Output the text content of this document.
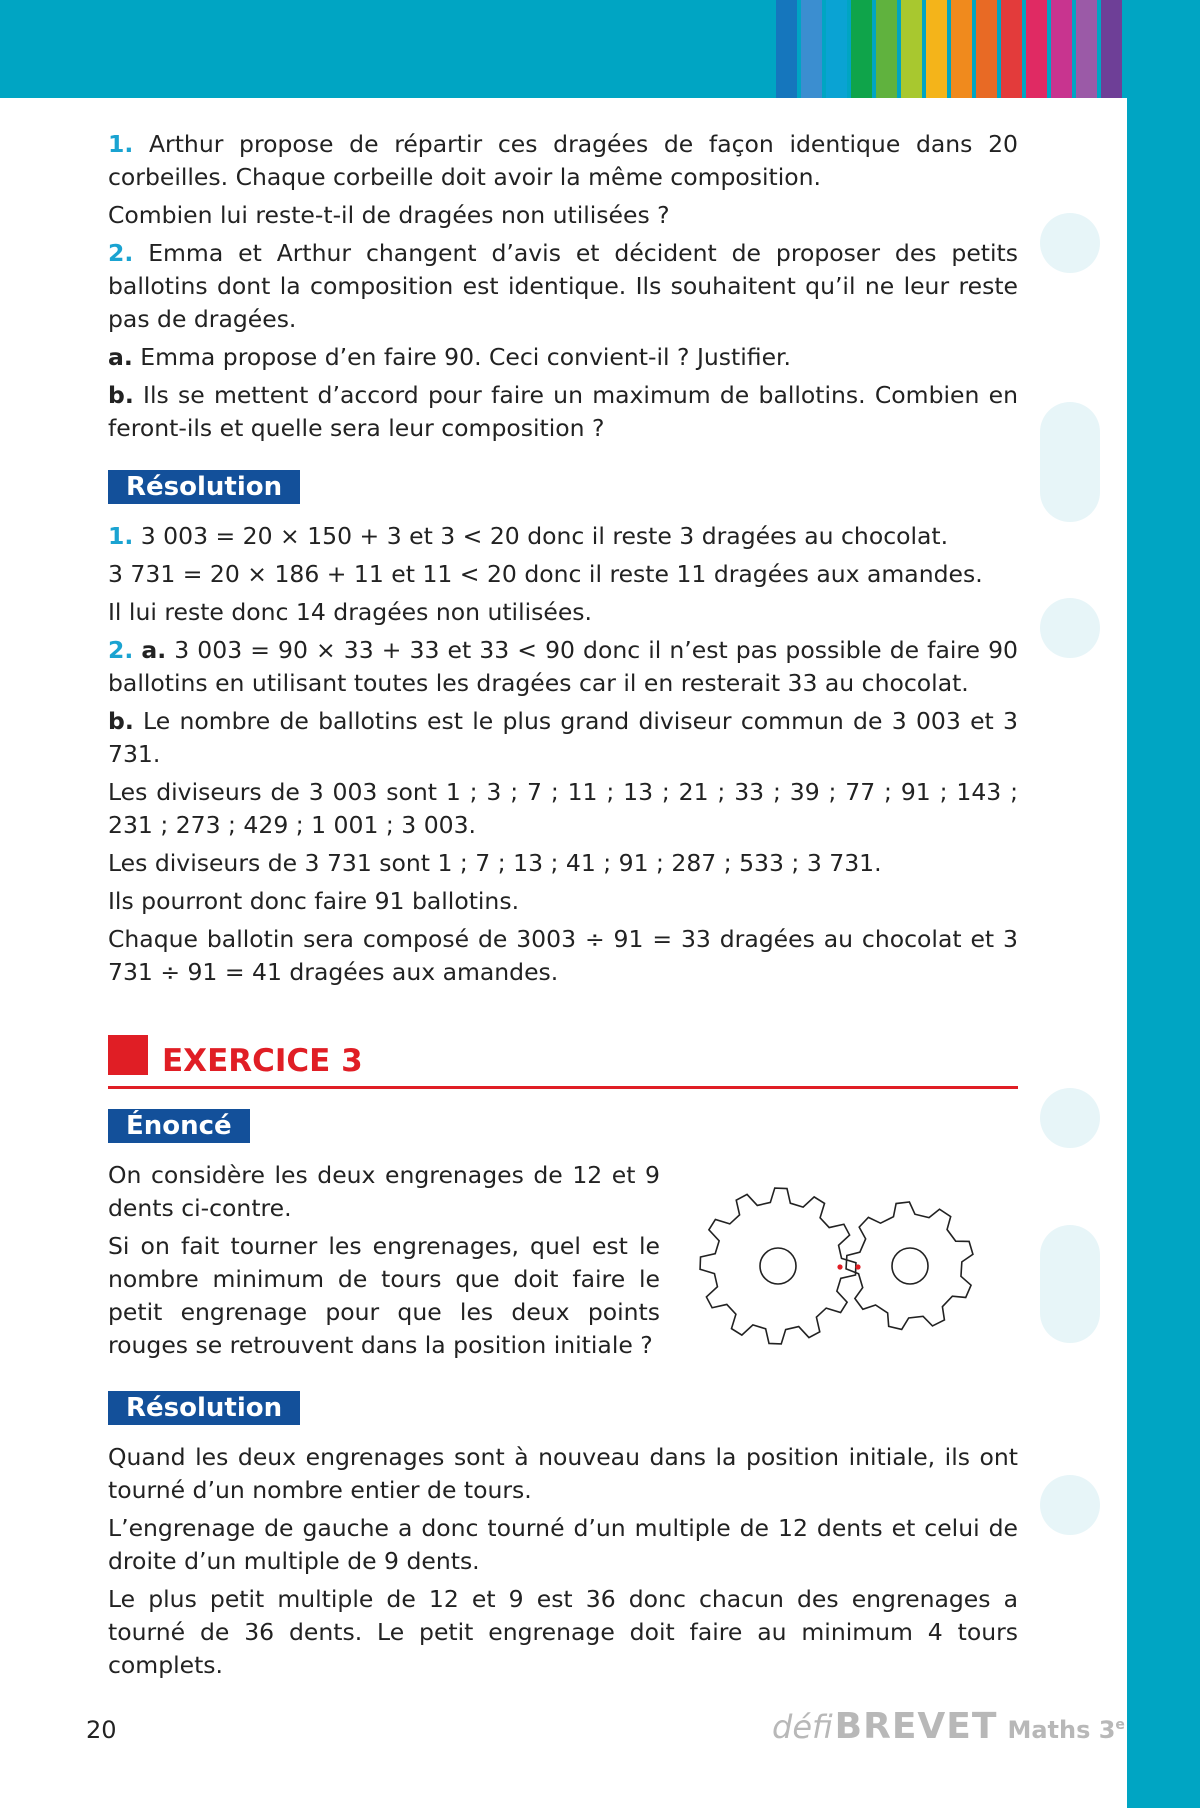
1. Arthur propose de répartir ces dragées de façon identique dans 20 corbeilles. Chaque corbeille doit avoir la même composition.

Combien lui reste-t-il de dragées non utilisées ?

2. Emma et Arthur changent d’avis et décident de proposer des petits ballotins dont la composition est identique. Ils souhaitent qu’il ne leur reste pas de dragées.

a. Emma propose d’en faire 90. Ceci convient-il ? Justifier.

b. Ils se mettent d’accord pour faire un maximum de ballotins. Combien en feront-ils et quelle sera leur composition ?

Résolution

1. 3 003 = 20 × 150 + 3 et 3 < 20 donc il reste 3 dragées au chocolat.

3 731 = 20 × 186 + 11 et 11 < 20 donc il reste 11 dragées aux amandes.

Il lui reste donc 14 dragées non utilisées.

2. a. 3 003 = 90 × 33 + 33 et 33 < 90 donc il n’est pas possible de faire 90 ballotins en utilisant toutes les dragées car il en resterait 33 au chocolat.

b. Le nombre de ballotins est le plus grand diviseur commun de 3 003 et 3 731.

Les diviseurs de 3 003 sont 1 ; 3 ; 7 ; 11 ; 13 ; 21 ; 33 ; 39 ; 77 ; 91 ; 143 ; 231 ; 273 ; 429 ; 1 001 ; 3 003.

Les diviseurs de 3 731 sont 1 ; 7 ; 13 ; 41 ; 91 ; 287 ; 533 ; 3 731.

Ils pourront donc faire 91 ballotins.

Chaque ballotin sera composé de 3003 ÷ 91 = 33 dragées au chocolat et 3 731 ÷ 91 = 41 dragées aux amandes.

EXERCICE 3
Énoncé

On considère les deux engrenages de 12 et 9 dents ci-contre.

Si on fait tourner les engrenages, quel est le nombre minimum de tours que doit faire le petit engrenage pour que les deux points rouges se retrouvent dans la position initiale ?

Résolution

Quand les deux engrenages sont à nouveau dans la position initiale, ils ont tourné d’un nombre entier de tours.

L’engrenage de gauche a donc tourné d’un multiple de 12 dents et celui de droite d’un multiple de 9 dents.

Le plus petit multiple de 12 et 9 est 36 donc chacun des engrenages a tourné de 36 dents. Le petit engrenage doit faire au minimum 4 tours complets.

20	défi BREVET Maths 3e
